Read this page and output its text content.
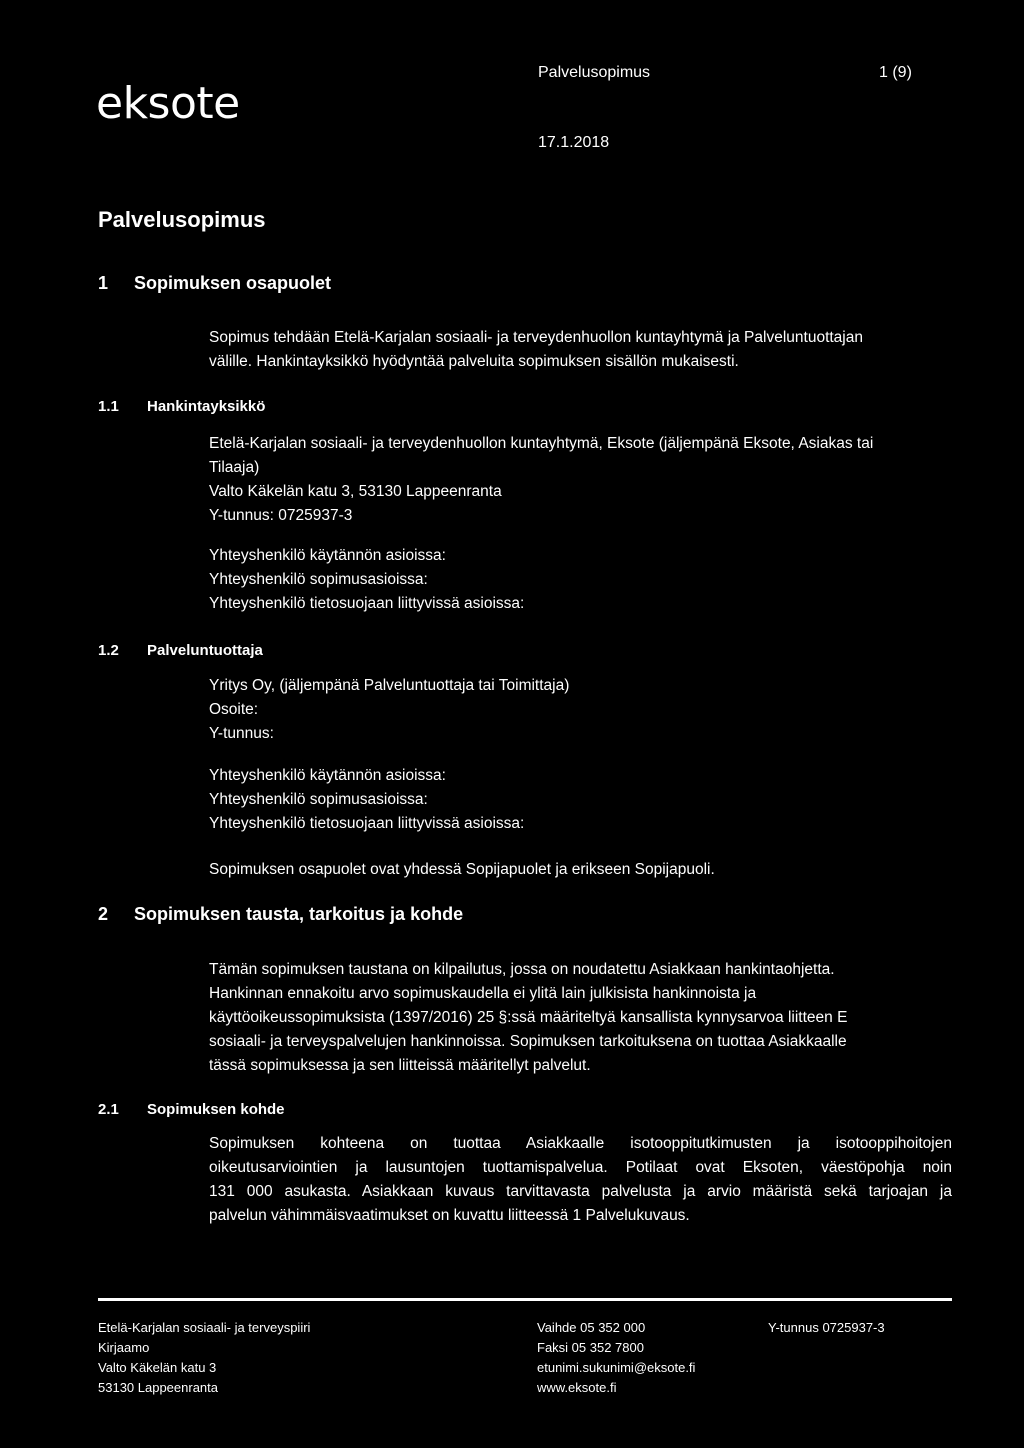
eksote
Palvelusopimus	1 (9)
17.1.2018
Palvelusopimus
1 Sopimuksen osapuolet
Sopimus tehdään Etelä-Karjalan sosiaali- ja terveydenhuollon kuntayhtymä ja Palveluntuottajan
välille. Hankintayksikkö hyödyntää palveluita sopimuksen sisällön mukaisesti.
1.1 Hankintayksikkö
Etelä-Karjalan sosiaali- ja terveydenhuollon kuntayhtymä, Eksote (jäljempänä Eksote, Asiakas tai
Tilaaja)
Valto Käkelän katu 3, 53130 Lappeenranta
Y-tunnus: 0725937-3
Yhteyshenkilö käytännön asioissa:
Yhteyshenkilö sopimusasioissa:
Yhteyshenkilö tietosuojaan liittyvissä asioissa:
1.2 Palveluntuottaja
Yritys Oy, (jäljempänä Palveluntuottaja tai Toimittaja)
Osoite:
Y-tunnus:
Yhteyshenkilö käytännön asioissa:
Yhteyshenkilö sopimusasioissa:
Yhteyshenkilö tietosuojaan liittyvissä asioissa:
Sopimuksen osapuolet ovat yhdessä Sopijapuolet ja erikseen Sopijapuoli.
2 Sopimuksen tausta, tarkoitus ja kohde
Tämän sopimuksen taustana on kilpailutus, jossa on noudatettu Asiakkaan hankintaohjetta.
Hankinnan ennakoitu arvo sopimuskaudella ei ylitä lain julkisista hankinnoista ja
käyttöoikeussopimuksista (1397/2016) 25 §:ssä määriteltyä kansallista kynnysarvoa liitteen E
sosiaali- ja terveyspalvelujen hankinnoissa. Sopimuksen tarkoituksena on tuottaa Asiakkaalle
tässä sopimuksessa ja sen liitteissä määritellyt palvelut.
2.1 Sopimuksen kohde
Sopimuksen kohteena on tuottaa Asiakkaalle isotooppitutkimusten ja isotooppihoitojen
oikeutusarviointien ja lausuntojen tuottamispalvelua. Potilaat ovat Eksoten, väestöpohja noin
131 000 asukasta. Asiakkaan kuvaus tarvittavasta palvelusta ja arvio määristä sekä tarjoajan ja
palvelun vähimmäisvaatimukset on kuvattu liitteessä 1 Palvelukuvaus.
Etelä-Karjalan sosiaali- ja terveyspiiri
Kirjaamo
Valto Käkelän katu 3
53130 Lappeenranta
Vaihde 05 352 000
Faksi 05 352 7800
etunimi.sukunimi@eksote.fi
www.eksote.fi
Y-tunnus 0725937-3
